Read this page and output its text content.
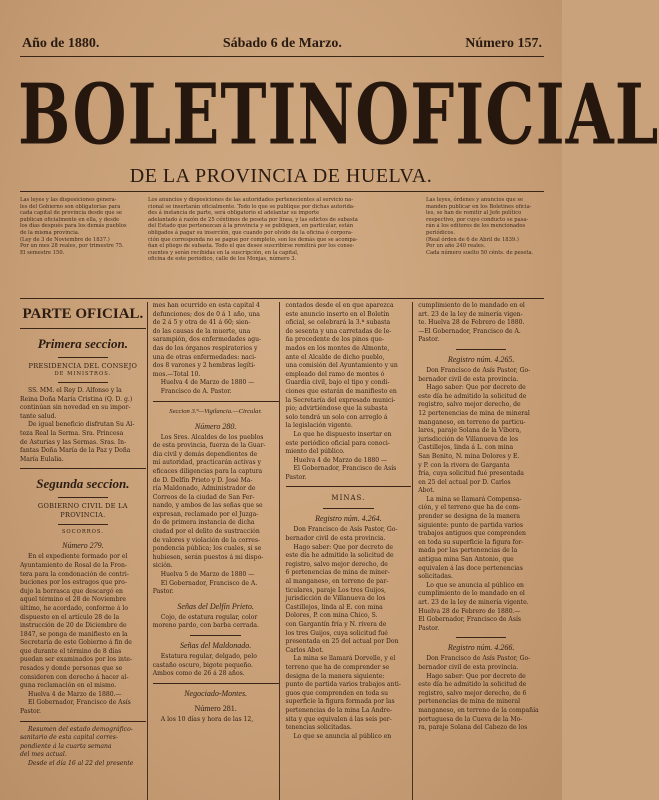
Año de 1880.	Sábado 6 de Marzo.	Número 157.
BOLETIN OFICIAL
DE LA PROVINCIA DE HUELVA.
Las leyes y las disposiciones genera-
les del Gobierno son obligatorias para
cada capital de provincia desde que se
publican oficialmente en ella, y desde
los días después para los demás pueblos
de la misma provincia.
(Ley de 3 de Noviembre de 1837.)
Por un mes 28 reales, por trimestre 75.
El semestre 150.
Los anuncios y disposiciones de las autoridades pertenecientes al servicio na-
cional se insertarán oficialmente. Todo lo que se publique por dichas autorida-
des á instancia de parte, será obligatorio el adelantar su importe
adelantado á razón de 25 céntimos de peseta por línea, y las edictos de subasta
del Estado que pertenezcan á la provincia y se publiquen, en particular, están
obligados á pagar su inserción, que cuando por olvido de la oficina ó corpora-
ción que corresponda no se pague por completo, son los demás que se acompa-
ñan el pliego de subasta. Todo el que desee suscribirse remitirá por los conse-
cuentes y serán recibidas en la suscripción, en la capital,
oficina de este periódico, calle de los Monjas, número 3.
Las leyes, órdenes y anuncios que se
manden publicar en los Boletines oficia-
les, se han de remitir al Jefe político
respectivo, por cuyo conducto se pasa-
rán á los editores de los mencionados
periódicos.
(Real órden de 6 de Abril de 1839.)
Por un año 240 reales.
Cada número suelto 50 cénts. de peseta.
PARTE OFICIAL.
Primera seccion.
PRESIDENCIA DEL CONSEJO
DE MINISTROS.
SS. MM. el Rey D. Alfonso y la
Reina Doña María Cristina (Q. D. g.)
continúan sin novedad en su impor-
tante salud.
De igual beneficio disfrutan Su Al-
teza Real la Serma. Sra. Princesa
de Asturias y las Sermas. Sras. In-
fantas Doña María de la Paz y Doña
María Eulalia.
Segunda seccion.
GOBIERNO CIVIL DE LA PROVINCIA.
SOCORROS.
Número 279.
En el expediente formado por el
Ayuntamiento de Rosal de la Fron-
tera para la condonación de contri-
buciones por los estragos que pro-
dujo la borrasca que descargó en
aquel término el 28 de Noviembre
último, he acordado, conforme á lo
dispuesto en el artículo 28 de la
instrucción de 20 de Diciembre de
1847, se ponga de manifiesto en la
Secretaría de este Gobierno á fin de
que durante el término de 8 días
puedan ser examinados por los inte-
resados y donde personas que se
consideren con derecho á hacer al-
guna reclamación en el mismo.
Huelva 4 de Marzo de 1880.—
El Gobernador, Francisco de Asís
Pastor.
Resumen del estado demográfico-
sanitario de esta capital corres-
pondiente á la cuarta semana
del mes actual.
Desde el día 16 al 22 del presente
mes han ocurrido en esta capital 4
defunciones; dos de 0 á 1 año, una
de 2 á 5 y otra de 41 á 60; sien-
do las causas de la muerte, una
sarampión, dos enfermedades agu-
das de los órganos respiratorios y
una de otras enfermedades: naci-
dos 8 varones y 2 hembras legíti-
mos.—Total 10.
Huelva 4 de Marzo de 1880 —
Francisco de A. Pastor.
Seccion 3.ª—Vigilancia.—Circular.
Número 280.
Los Sres. Alcaldes de los pueblos
de esta provincia, fuerza de la Guar-
dia civil y demás dependientes de
mi autoridad, practicarán activas y
eficaces diligencias para la captura
de D. Delfín Prieto y D. José Ma-
ría Maldonado, Administrador de
Correos de la ciudad de San Fer-
nando, y ambos de las señas que se
expresan, reclamado por el Juzga-
do de primera instancia de dicha
ciudad por el delito de sustracción
de valores y violación de la corres-
pondencia pública; los cuales, si se
hubiesen, serán puestos á mi dispo-
sición.
Huelva 5 de Marzo de 1880 —
El Gobernador, Francisco de A.
Pastor.
Señas del Delfín Prieto.
Cojo, de estatura regular, color
moreno pardo, con barba cerrada.
Señas del Maldonado.
Estatura regular, delgado, pelo
castaño oscuro, bigote pequeño.
Ambos como de 26 á 28 años.
Negociado-Montes.
Número 281.
A los 10 días y hora de las 12,
contados desde el en que aparezca
este anuncio inserto en el Boletín
oficial, se celebrará la 3.ª subasta
de sesenta y una carretadas de le-
ña procedente de los pinos que-
mados en los montes de Almonte,
ante el Alcalde de dicho pueblo,
una comisión del Ayuntamiento y un
empleado del ramo de montes ó
Guardia civil, bajo el tipo y condi-
ciones que estarán de manifiesto en
la Secretaría del expresado munici-
pio; advirtiéndose que la subasta
solo tendrá un solo con arreglo á
la legislación vigente.
Lo que he dispuesto insertar en
este periódico oficial para conoci-
miento del público.
Huelva 4 de Marzo de 1880 —
El Gobernador, Francisco de Asís
Pastor.
MINAS.
Registro núm. 4.264.
Don Francisco de Asís Pastor, Go-
bernador civil de esta provincia.
Hago saber: Que por decreto de
este día he admitido la solicitud de
registro, salvo mejor derecho, de
6 pertenencias de mina de miner-
al manganeso, en terreno de par-
ticulares, paraje Los tres Guijos,
jurisdicción de Villanueva de los
Castillejos, linda al E. con mina
Dolores, P. con mina Chico, S.
con Gargantín fría y N. rivera de
los tres Guijos, cuya solicitud fué
presentada en 25 del actual por Don
Carlos Abot.
La mina se llamará Dorvelle, y el
terreno que ha de comprender se
designa de la manera siguiente:
punto de partida varios trabajos anti-
guos que comprenden en toda su
superficie la figura formada por las
pertenencias de la mina La Andre-
sita y que equivalen á las seis per-
tenencias solicitadas.
Lo que se anuncia al público en
cumplimiento de lo mandado en el
art. 23 de la ley de minería vigen-
te. Huelva 28 de Febrero de 1880.
—El Gobernador, Francisco de A.
Pastor.
Registro núm. 4.265.
Don Francisco de Asís Pastor, Go-
bernador civil de esta provincia.
Hago saber: Que por decreto de
este día he admitido la solicitud de
registro, salvo mejor derecho, de
12 pertenencias de mina de mineral
manganeso, en terreno de particu-
lares, paraje Solana de la Víbora,
jurisdicción de Villanueva de los
Castillejos, linda á L. con mina
San Benito, N. mina Dolores y E.
y P. con la rivera de Garganta
fría, cuya solicitud fué presentada
en 25 del actual por D. Carlos
Abot.
La mina se llamará Compensa-
ción, y el terreno que ha de com-
prender se designa de la manera
siguiente: punto de partida varios
trabajos antiguos que comprenden
en toda su superficie la figura for-
mada por las pertenencias de la
antigua mina San Antonio, que
equivalen á las doce pertenencias
solicitadas.
Lo que se anuncia al público en
cumplimiento de lo mandado en el
art. 23 de la ley de minería vigente.
Huelva 28 de Febrero de 1880.—
El Gobernador, Francisco de Asís
Pastor.
Registro núm. 4.266.
Don Francisco de Asís Pastor, Go-
bernador civil de esta provincia.
Hago saber: Que por decreto de
este día he admitido la solicitud de
registro, salvo mejor derecho, de 6
pertenencias de mina de mineral
manganeso, en terreno de la compañía
portuguesa de la Cueva de la Mo-
ra, paraje Solana del Cabezo de los
